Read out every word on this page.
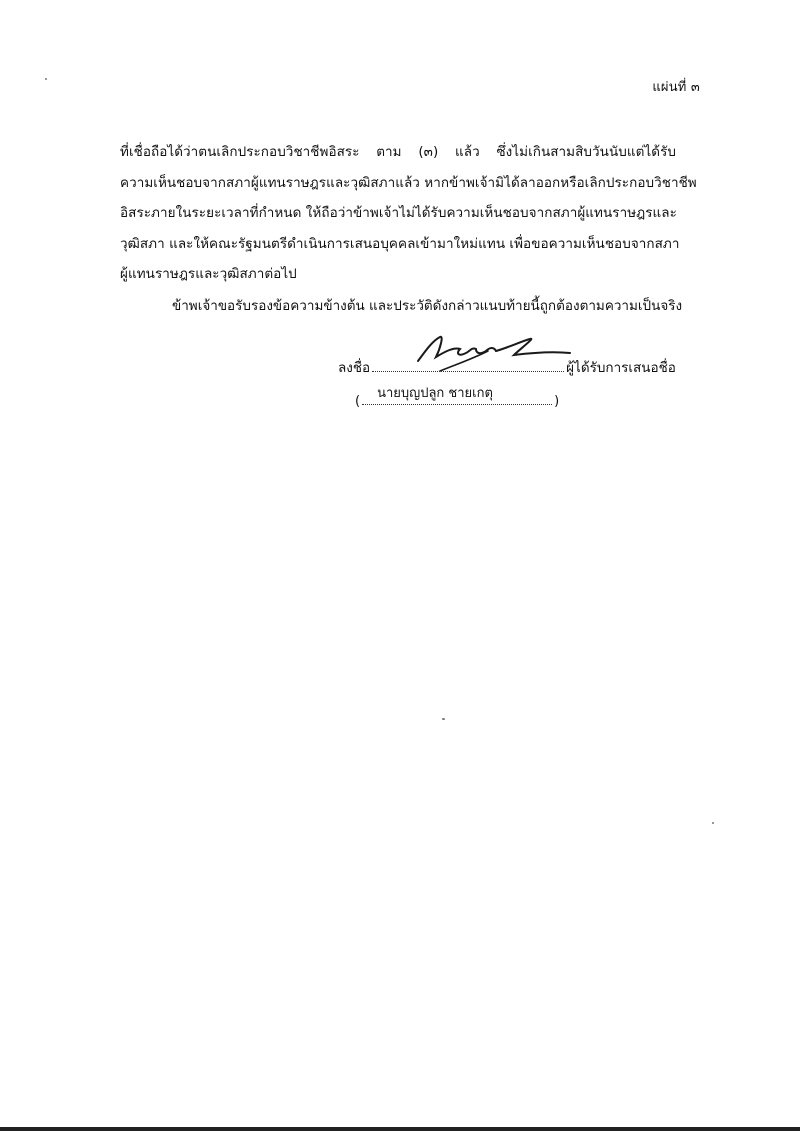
แผ่นที่ ๓
ที่เชื่อถือได้ว่าตนเลิกประกอบวิชาชีพอิสระ ตาม (๓) แล้ว ซึ่งไม่เกินสามสิบวันนับแต่ได้รับ
ความเห็นชอบจากสภาผู้แทนราษฎรและวุฒิสภาแล้ว หากข้าพเจ้ามิได้ลาออกหรือเลิกประกอบวิชาชีพ
อิสระภายในระยะเวลาที่กำหนด ให้ถือว่าข้าพเจ้าไม่ได้รับความเห็นชอบจากสภาผู้แทนราษฎรและ
วุฒิสภา และให้คณะรัฐมนตรีดำเนินการเสนอบุคคลเข้ามาใหม่แทน เพื่อขอความเห็นชอบจากสภา
ผู้แทนราษฎรและวุฒิสภาต่อไป
ข้าพเจ้าขอรับรองข้อความข้างต้น และประวัติดังกล่าวแนบท้ายนี้ถูกต้องตามความเป็นจริง
ลงชื่อ	ผู้ได้รับการเสนอชื่อ
(
นายบุญปลูก ชายเกตุ
)
